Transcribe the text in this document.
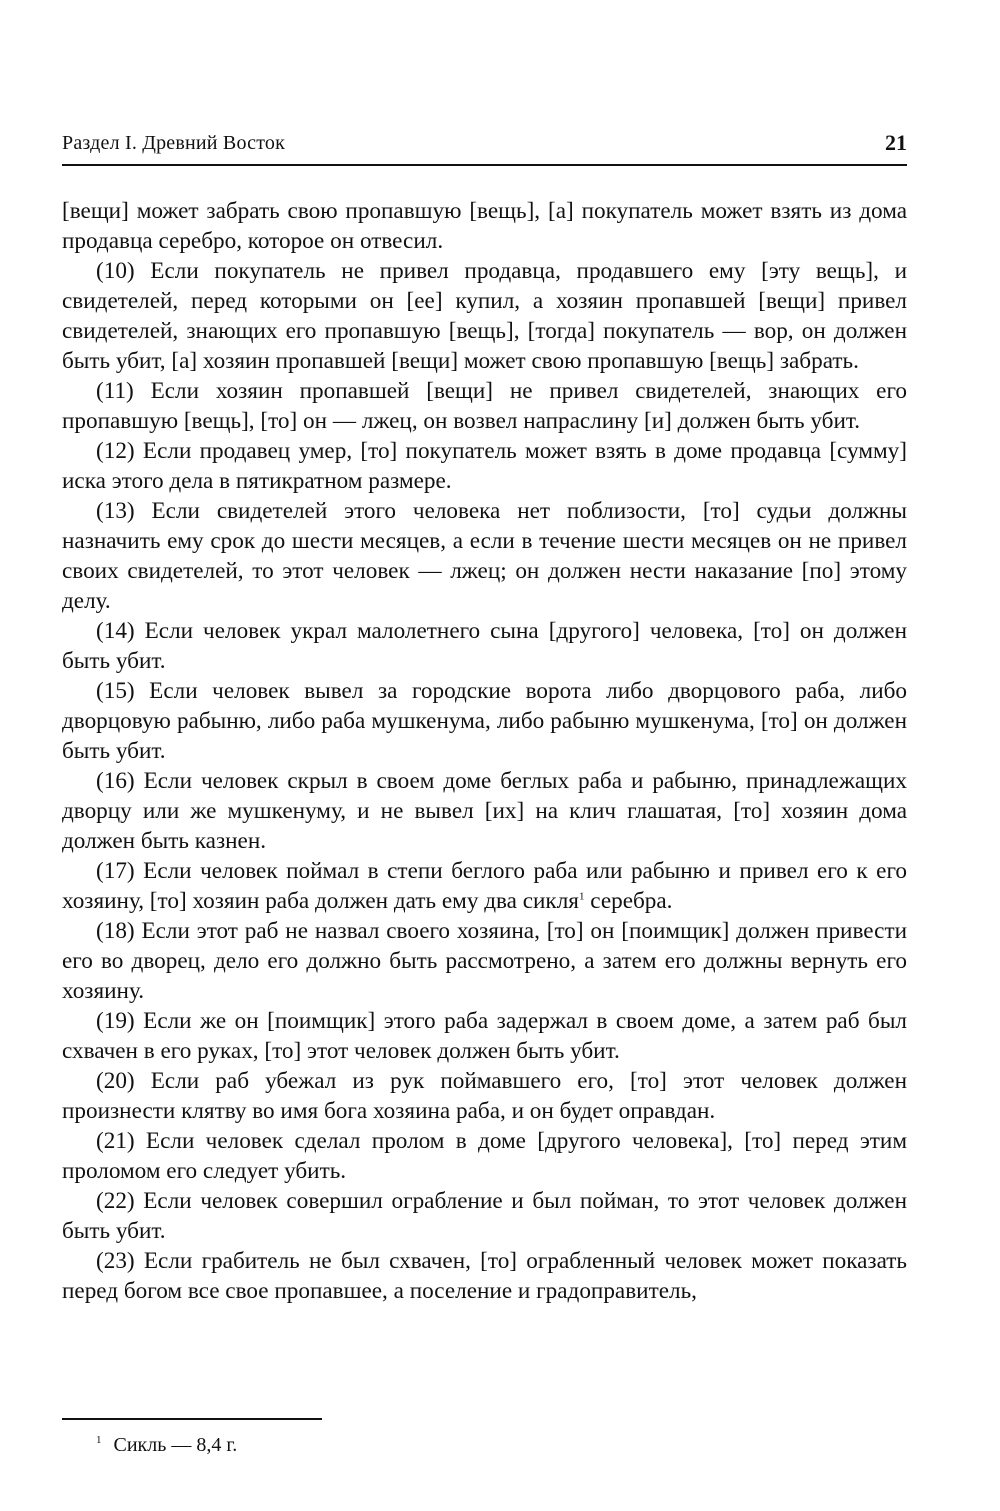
Раздел I. Древний Восток	21

[вещи] может забрать свою пропавшую [вещь], [а] покупатель может взять из дома продавца серебро, которое он отвесил.

(10) Если покупатель не привел продавца, продавшего ему [эту вещь], и свидетелей, перед которыми он [ее] купил, а хозяин пропавшей [вещи] привел свидетелей, знающих его пропавшую [вещь], [тогда] покупатель — вор, он должен быть убит, [а] хозяин пропавшей [вещи] может свою пропавшую [вещь] забрать.

(11) Если хозяин пропавшей [вещи] не привел свидетелей, знающих его пропавшую [вещь], [то] он — лжец, он возвел напраслину [и] должен быть убит.

(12) Если продавец умер, [то] покупатель может взять в доме продавца [сумму] иска этого дела в пятикратном размере.

(13) Если свидетелей этого человека нет поблизости, [то] судьи должны назначить ему срок до шести месяцев, а если в течение шести месяцев он не привел своих свидетелей, то этот человек — лжец; он должен нести наказание [по] этому делу.

(14) Если человек украл малолетнего сына [другого] человека, [то] он должен быть убит.

(15) Если человек вывел за городские ворота либо дворцового раба, либо дворцовую рабыню, либо раба мушкенума, либо рабыню мушкенума, [то] он должен быть убит.

(16) Если человек скрыл в своем доме беглых раба и рабыню, принадлежащих дворцу или же мушкенуму, и не вывел [их] на клич глашатая, [то] хозяин дома должен быть казнен.

(17) Если человек поймал в степи беглого раба или рабыню и привел его к его хозяину, [то] хозяин раба должен дать ему два сикля$^1$ серебра.

(18) Если этот раб не назвал своего хозяина, [то] он [поимщик] должен привести его во дворец, дело его должно быть рассмотрено, а затем его должны вернуть его хозяину.

(19) Если же он [поимщик] этого раба задержал в своем доме, а затем раб был схвачен в его руках, [то] этот человек должен быть убит.

(20) Если раб убежал из рук поймавшего его, [то] этот человек должен произнести клятву во имя бога хозяина раба, и он будет оправдан.

(21) Если человек сделал пролом в доме [другого человека], [то] перед этим проломом его следует убить.

(22) Если человек совершил ограбление и был пойман, то этот человек должен быть убит.

(23) Если грабитель не был схвачен, [то] ограбленный человек может показать перед богом все свое пропавшее, а поселение и градоправитель,

$^1$ Сикль — 8,4 г.
